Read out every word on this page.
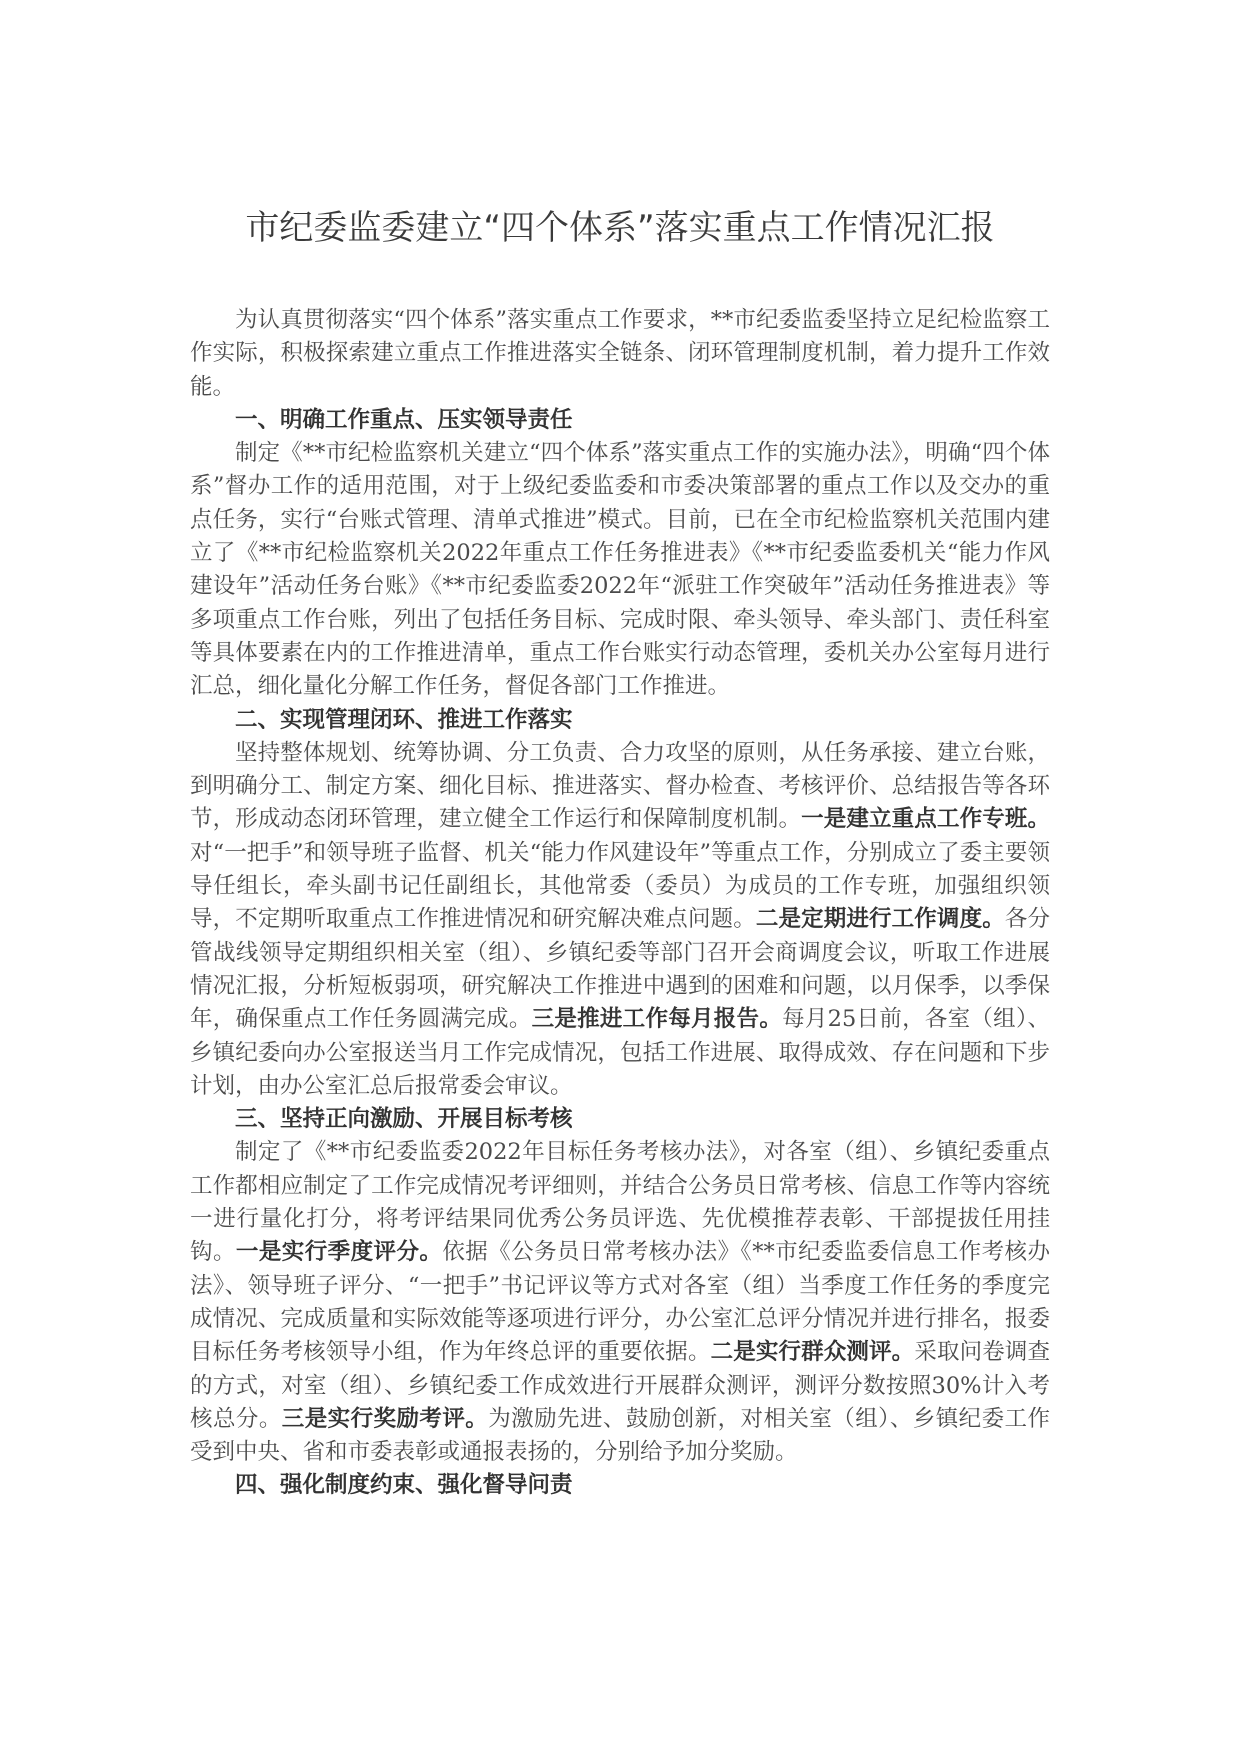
市纪委监委建立“四个体系”落实重点工作情况汇报

为认真贯彻落实“四个体系”落实重点工作要求，**市纪委监委坚持立足纪检监察工作实际，积极探索建立重点工作推进落实全链条、闭环管理制度机制，着力提升工作效能。

一、明确工作重点、压实领导责任

制定《**市纪检监察机关建立“四个体系”落实重点工作的实施办法》，明确“四个体系”督办工作的适用范围，对于上级纪委监委和市委决策部署的重点工作以及交办的重点任务，实行“台账式管理、清单式推进”模式。目前，已在全市纪检监察机关范围内建立了《**市纪检监察机关2022年重点工作任务推进表》《**市纪委监委机关“能力作风建设年”活动任务台账》《**市纪委监委2022年“派驻工作突破年”活动任务推进表》等多项重点工作台账，列出了包括任务目标、完成时限、牵头领导、牵头部门、责任科室等具体要素在内的工作推进清单，重点工作台账实行动态管理，委机关办公室每月进行汇总，细化量化分解工作任务，督促各部门工作推进。

二、实现管理闭环、推进工作落实

坚持整体规划、统筹协调、分工负责、合力攻坚的原则，从任务承接、建立台账，到明确分工、制定方案、细化目标、推进落实、督办检查、考核评价、总结报告等各环节，形成动态闭环管理，建立健全工作运行和保障制度机制。一是建立重点工作专班。对“一把手”和领导班子监督、机关“能力作风建设年”等重点工作，分别成立了委主要领导任组长，牵头副书记任副组长，其他常委（委员）为成员的工作专班，加强组织领导，不定期听取重点工作推进情况和研究解决难点问题。二是定期进行工作调度。各分管战线领导定期组织相关室（组）、乡镇纪委等部门召开会商调度会议，听取工作进展情况汇报，分析短板弱项，研究解决工作推进中遇到的困难和问题，以月保季，以季保年，确保重点工作任务圆满完成。三是推进工作每月报告。每月25日前，各室（组）、乡镇纪委向办公室报送当月工作完成情况，包括工作进展、取得成效、存在问题和下步计划，由办公室汇总后报常委会审议。

三、坚持正向激励、开展目标考核

制定了《**市纪委监委2022年目标任务考核办法》，对各室（组）、乡镇纪委重点工作都相应制定了工作完成情况考评细则，并结合公务员日常考核、信息工作等内容统一进行量化打分，将考评结果同优秀公务员评选、先优模推荐表彰、干部提拔任用挂钩。一是实行季度评分。依据《公务员日常考核办法》《**市纪委监委信息工作考核办法》、领导班子评分、“一把手”书记评议等方式对各室（组）当季度工作任务的季度完成情况、完成质量和实际效能等逐项进行评分，办公室汇总评分情况并进行排名，报委目标任务考核领导小组，作为年终总评的重要依据。二是实行群众测评。采取问卷调查的方式，对室（组）、乡镇纪委工作成效进行开展群众测评，测评分数按照30%计入考核总分。三是实行奖励考评。为激励先进、鼓励创新，对相关室（组）、乡镇纪委工作受到中央、省和市委表彰或通报表扬的，分别给予加分奖励。

四、强化制度约束、强化督导问责
